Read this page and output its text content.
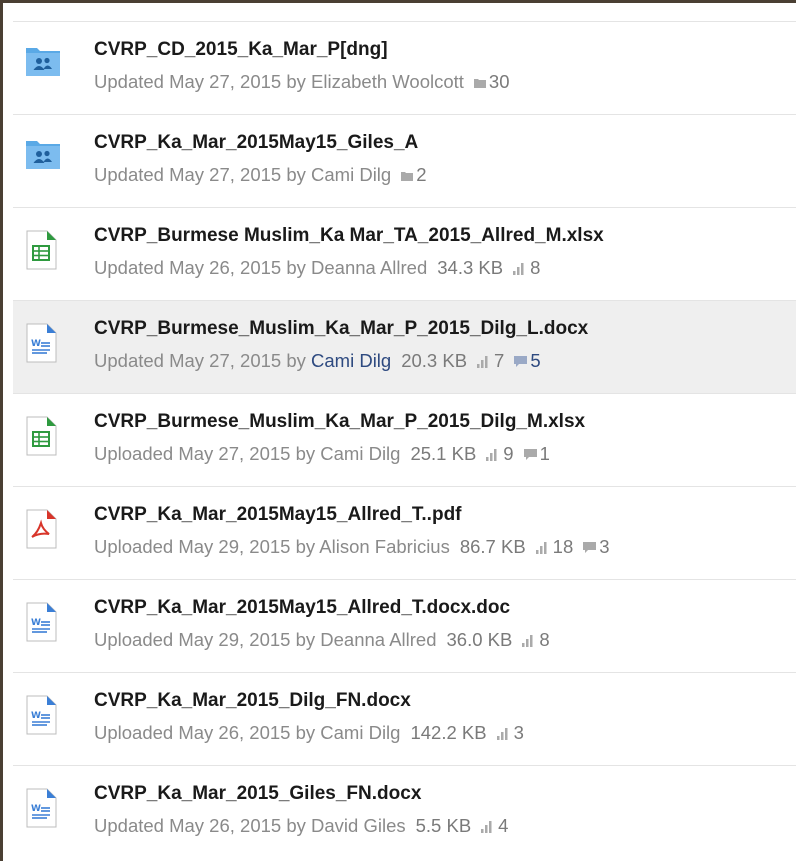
CVRP_CD_2015_Ka_Mar_P[dng]
Updated May 27, 2015 by Elizabeth Woolcott 30
CVRP_Ka_Mar_2015May15_Giles_A
Updated May 27, 2015 by Cami Dilg 2
CVRP_Burmese Muslim_Ka Mar_TA_2015_Allred_M.xlsx
Updated May 26, 2015 by Deanna Allred 34.3 KB 8
W
CVRP_Burmese_Muslim_Ka_Mar_P_2015_Dilg_L.docx
Updated May 27, 2015 by Cami Dilg 20.3 KB 7 5
CVRP_Burmese_Muslim_Ka_Mar_P_2015_Dilg_M.xlsx
Uploaded May 27, 2015 by Cami Dilg 25.1 KB 9 1
CVRP_Ka_Mar_2015May15_Allred_T..pdf
Uploaded May 29, 2015 by Alison Fabricius 86.7 KB 18 3
W
CVRP_Ka_Mar_2015May15_Allred_T.docx.doc
Uploaded May 29, 2015 by Deanna Allred 36.0 KB 8
W
CVRP_Ka_Mar_2015_Dilg_FN.docx
Uploaded May 26, 2015 by Cami Dilg 142.2 KB 3
W
CVRP_Ka_Mar_2015_Giles_FN.docx
Updated May 26, 2015 by David Giles 5.5 KB 4
